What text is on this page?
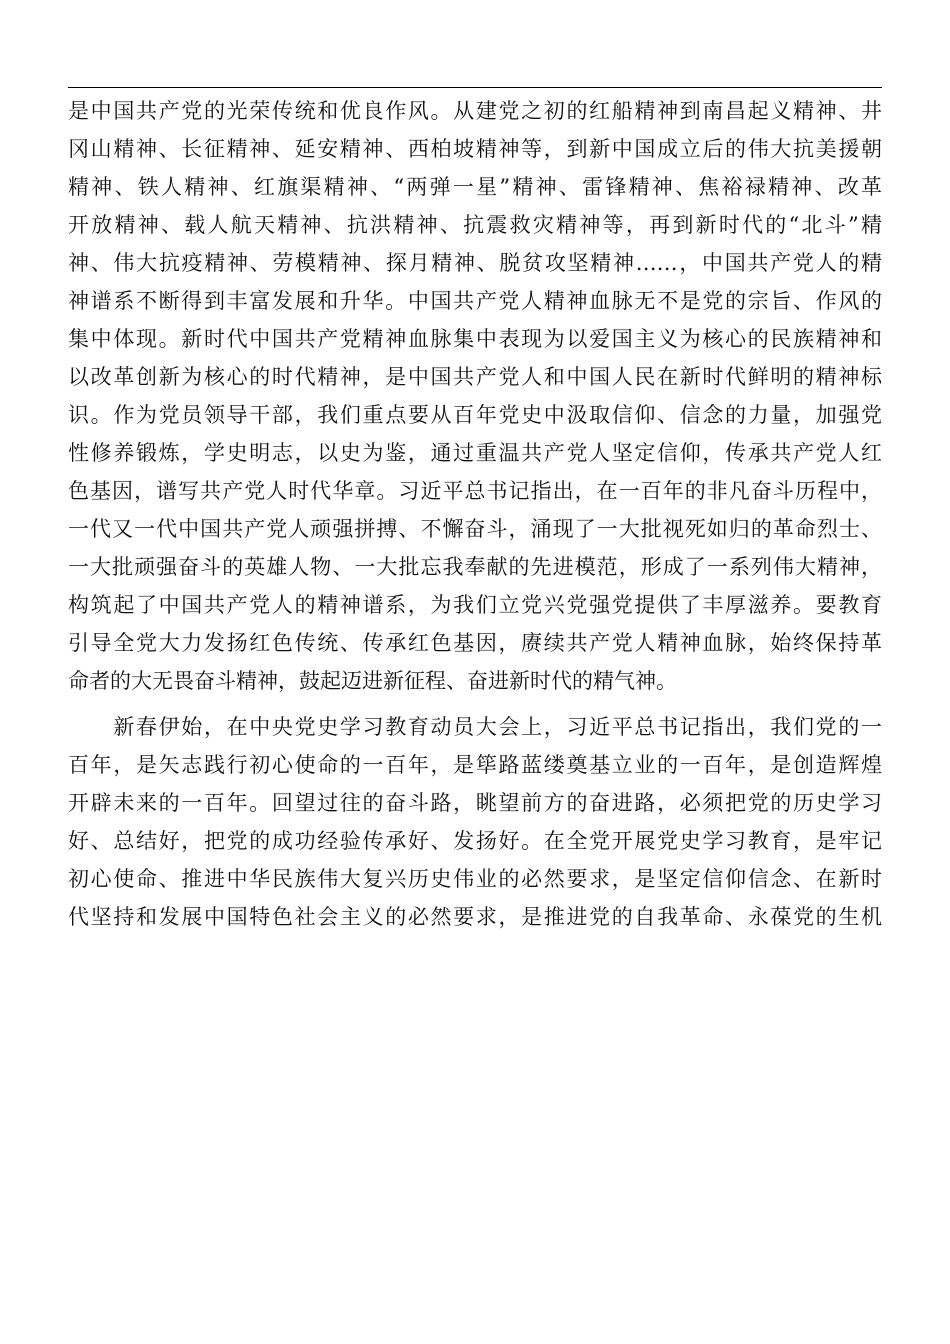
是中国共产党的光荣传统和优良作风。从建党之初的红船精神到南昌起义精神、井
冈山精神、长征精神、延安精神、西柏坡精神等，到新中国成立后的伟大抗美援朝
精神、铁人精神、红旗渠精神、“两弹一星”精神、雷锋精神、焦裕禄精神、改革
开放精神、载人航天精神、抗洪精神、抗震救灾精神等，再到新时代的“北斗”精
神、伟大抗疫精神、劳模精神、探月精神、脱贫攻坚精神……，中国共产党人的精
神谱系不断得到丰富发展和升华。中国共产党人精神血脉无不是党的宗旨、作风的
集中体现。新时代中国共产党精神血脉集中表现为以爱国主义为核心的民族精神和
以改革创新为核心的时代精神，是中国共产党人和中国人民在新时代鲜明的精神标
识。作为党员领导干部，我们重点要从百年党史中汲取信仰、信念的力量，加强党
性修养锻炼，学史明志，以史为鉴，通过重温共产党人坚定信仰，传承共产党人红
色基因，谱写共产党人时代华章。习近平总书记指出，在一百年的非凡奋斗历程中，
一代又一代中国共产党人顽强拼搏、不懈奋斗，涌现了一大批视死如归的革命烈士、
一大批顽强奋斗的英雄人物、一大批忘我奉献的先进模范，形成了一系列伟大精神，
构筑起了中国共产党人的精神谱系，为我们立党兴党强党提供了丰厚滋养。要教育
引导全党大力发扬红色传统、传承红色基因，赓续共产党人精神血脉，始终保持革
命者的大无畏奋斗精神，鼓起迈进新征程、奋进新时代的精气神。
　　新春伊始，在中央党史学习教育动员大会上，习近平总书记指出，我们党的一
百年，是矢志践行初心使命的一百年，是筚路蓝缕奠基立业的一百年，是创造辉煌
开辟未来的一百年。回望过往的奋斗路，眺望前方的奋进路，必须把党的历史学习
好、总结好，把党的成功经验传承好、发扬好。在全党开展党史学习教育，是牢记
初心使命、推进中华民族伟大复兴历史伟业的必然要求，是坚定信仰信念、在新时
代坚持和发展中国特色社会主义的必然要求，是推进党的自我革命、永葆党的生机
